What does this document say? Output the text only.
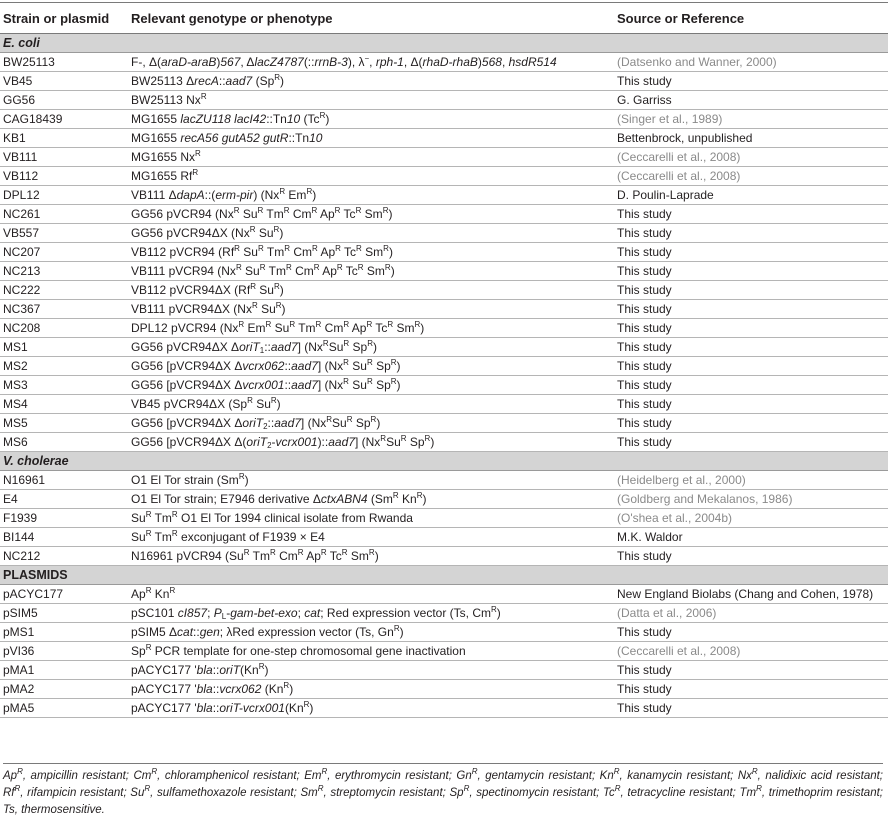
Strain or plasmid	Relevant genotype or phenotype	Source or Reference
E. coli		
BW25113	F-, Δ(araD-araB)567, ΔlacZ4787(::rrnB-3), λ−, rph-1, Δ(rhaD-rhaB)568, hsdR514	(Datsenko and Wanner, 2000)
VB45	BW25113 ΔrecA::aad7 $(Sp^R)$	This study
GG56	BW25113 $Nx^R$	G. Garriss
CAG18439	MG1655 lacZU118 lacI42::Tn10 $(Tc^R)$	(Singer et al., 1989)
KB1	MG1655 recA56 gutA52 gutR::Tn10	Bettenbrock, unpublished
VB111	MG1655 $Nx^R$	(Ceccarelli et al., 2008)
VB112	MG1655 $Rf^R$	(Ceccarelli et al., 2008)
DPL12	VB111 ΔdapA::(erm-pir) ($Nx^R$ $Em^R$)	D. Poulin-Laprade
NC261	GG56 pVCR94 ($Nx^R$ $Su^R$ $Tm^R$ $Cm^R$ $Ap^R$ $Tc^R$ $Sm^R$)	This study
VB557	GG56 pVCR94ΔX ($Nx^R$ $Su^R$)	This study
NC207	VB112 pVCR94 ($Rf^R$ $Su^R$ $Tm^R$ $Cm^R$ $Ap^R$ $Tc^R$ $Sm^R$)	This study
NC213	VB111 pVCR94 ($Nx^R$ $Su^R$ $Tm^R$ $Cm^R$ $Ap^R$ $Tc^R$ $Sm^R$)	This study
NC222	VB112 pVCR94ΔX ($Rf^R$ $Su^R$)	This study
NC367	VB111 pVCR94ΔX ($Nx^R$ $Su^R$)	This study
NC208	DPL12 pVCR94 ($Nx^R$ $Em^R$ $Su^R$ $Tm^R$ $Cm^R$ $Ap^R$ $Tc^R$ $Sm^R$)	This study
MS1	GG56 pVCR94ΔX ΔoriT$_1$::aad7] ($Nx^RSu^R$ $Sp^R$)	This study
MS2	GG56 [pVCR94ΔX Δvcrx062::aad7] ($Nx^R$ $Su^R$ $Sp^R$)	This study
MS3	GG56 [pVCR94ΔX Δvcrx001::aad7] ($Nx^R$ $Su^R$ $Sp^R$)	This study
MS4	VB45 pVCR94ΔX ($Sp^R$ $Su^R$)	This study
MS5	GG56 [pVCR94ΔX ΔoriT$_2$::aad7] ($Nx^RSu^R$ $Sp^R$)	This study
MS6	GG56 [pVCR94ΔX Δ(oriT$_2$-vcrx001)::aad7] ($Nx^RSu^R$ $Sp^R$)	This study
V. cholerae		
N16961	O1 El Tor strain $(Sm^R)$	(Heidelberg et al., 2000)
E4	O1 El Tor strain; E7946 derivative ΔctxABN4 ($Sm^R$ $Kn^R$)	(Goldberg and Mekalanos, 1986)
F1939	$Su^R$ $Tm^R$ O1 El Tor 1994 clinical isolate from Rwanda	(O'shea et al., 2004b)
BI144	$Su^R$ $Tm^R$ exconjugant of F1939 × E4	M.K. Waldor
NC212	N16961 pVCR94 ($Su^R$ $Tm^R$ $Cm^R$ $Ap^R$ $Tc^R$ $Sm^R$)	This study
PLASMIDS		
pACYC177	$Ap^R$ $Kn^R$	New England Biolabs (Chang and Cohen, 1978)
pSIM5	pSC101 cI857; $P_L-gam-bet$-exo; cat; Red expression vector (Ts, $Cm^R$)	(Datta et al., 2006)
pMS1	pSIM5 Δcat::gen; λRed expression vector (Ts, $Gn^R$)	This study
pVI36	$Sp^R$ PCR template for one-step chromosomal gene inactivation	(Ceccarelli et al., 2008)
pMA1	pACYC177 '$bla::oriT(Kn^R)$	This study
pMA2	pACYC177 'bla::vcrx062 $(Kn^R)$	This study
pMA5	pACYC177 '$bla::oriT-vcrx001(Kn^R)$	This study
$Ap^R$, ampicillin resistant; $Cm^R$, chloramphenicol resistant; $Em^R$, erythromycin resistant; $Gn^R$, gentamycin resistant; $Kn^R$, kanamycin resistant; $Nx^R$, nalidixic acid resistant; $Rf^R$, rifampicin resistant; $Su^R$, sulfamethoxazole resistant; $Sm^R$, streptomycin resistant; $Sp^R$, spectinomycin resistant; $Tc^R$, tetracycline resistant; $Tm^R$, trimethoprim resistant; Ts, thermosensitive.
